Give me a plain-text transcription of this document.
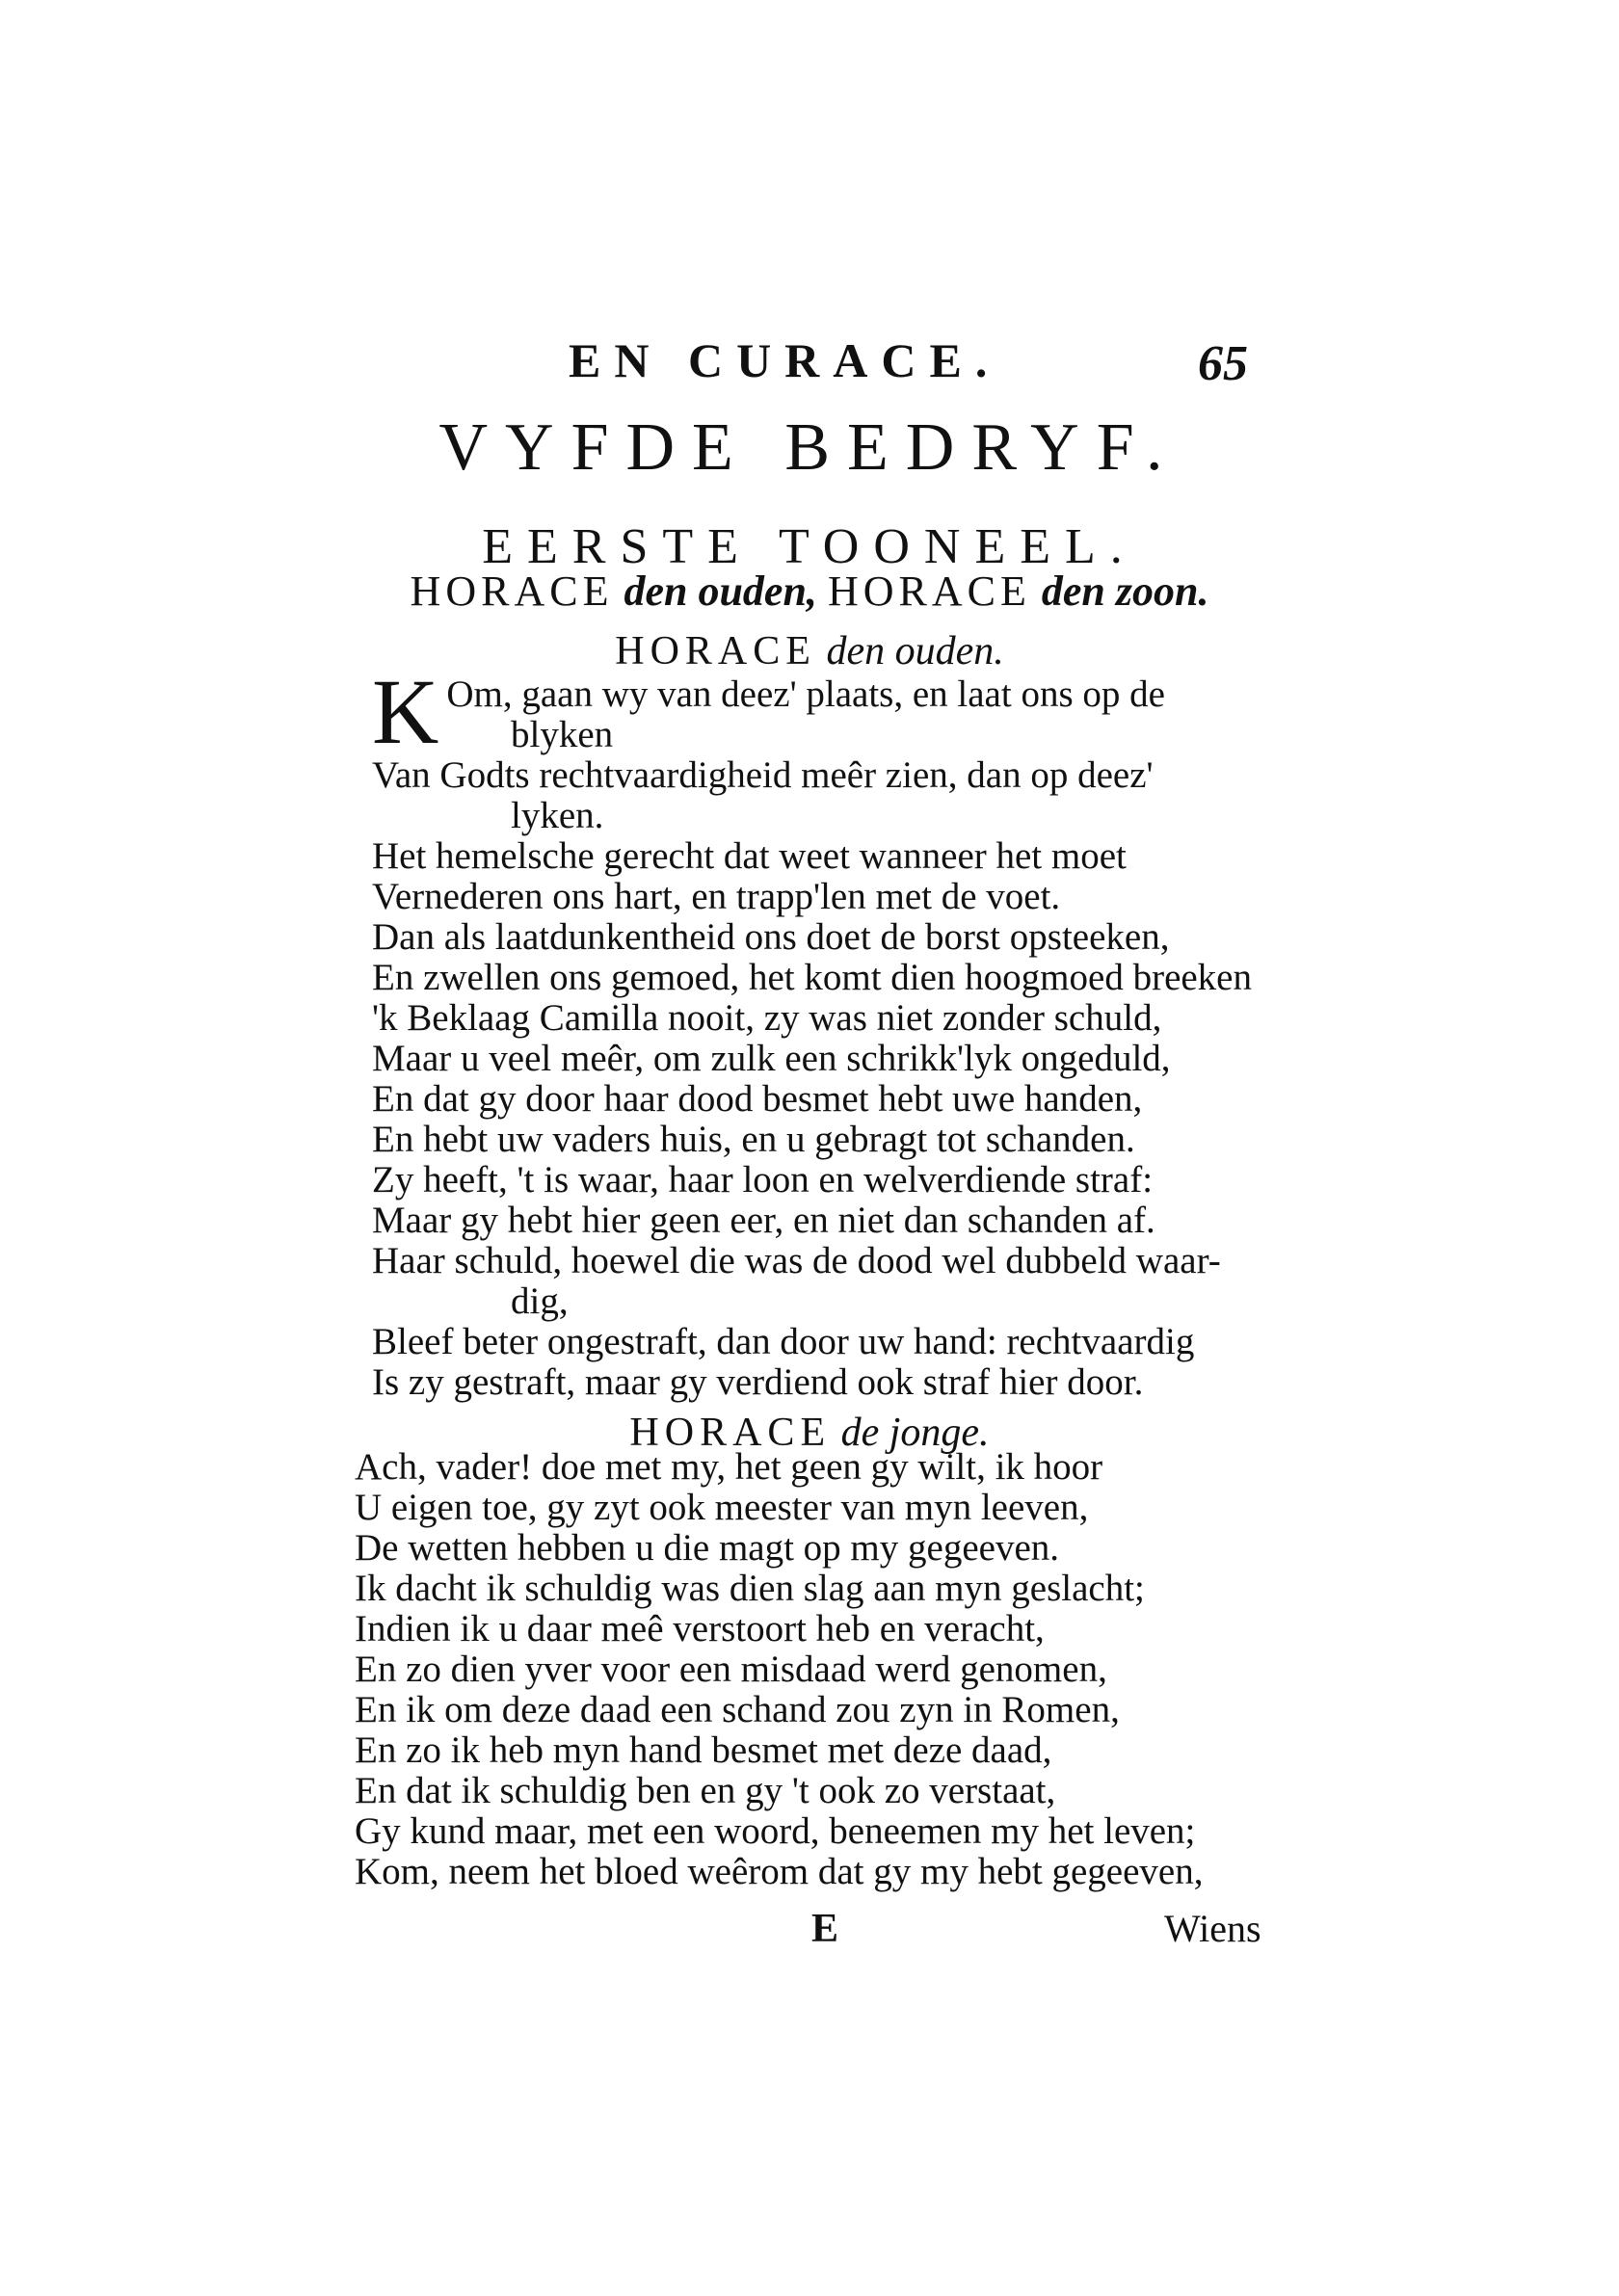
EN CURACE.	65
VYFDE BEDRYF.
EERSTE TOONEEL.
HORACE den ouden, HORACE den zoon.
HORACE den ouden.
K Om, gaan wy van deez' plaats, en laat ons op de
blyken
Van Godts rechtvaardigheid meêr zien, dan op deez'
lyken.
Het hemelsche gerecht dat weet wanneer het moet
Vernederen ons hart, en trapp'len met de voet.
Dan als laatdunkentheid ons doet de borst opsteeken,
En zwellen ons gemoed, het komt dien hoogmoed breeken
'k Beklaag Camilla nooit, zy was niet zonder schuld,
Maar u veel meêr, om zulk een schrikk'lyk ongeduld,
En dat gy door haar dood besmet hebt uwe handen,
En hebt uw vaders huis, en u gebragt tot schanden.
Zy heeft, 't is waar, haar loon en welverdiende straf:
Maar gy hebt hier geen eer, en niet dan schanden af.
Haar schuld, hoewel die was de dood wel dubbeld waar-
dig,
Bleef beter ongestraft, dan door uw hand: rechtvaardig
Is zy gestraft, maar gy verdiend ook straf hier door.
HORACE de jonge.
Ach, vader! doe met my, het geen gy wilt, ik hoor
U eigen toe, gy zyt ook meester van myn leeven,
De wetten hebben u die magt op my gegeeven.
Ik dacht ik schuldig was dien slag aan myn geslacht;
Indien ik u daar meê verstoort heb en veracht,
En zo dien yver voor een misdaad werd genomen,
En ik om deze daad een schand zou zyn in Romen,
En zo ik heb myn hand besmet met deze daad,
En dat ik schuldig ben en gy 't ook zo verstaat,
Gy kund maar, met een woord, beneemen my het leven;
Kom, neem het bloed weêrom dat gy my hebt gegeeven,
E	Wiens
